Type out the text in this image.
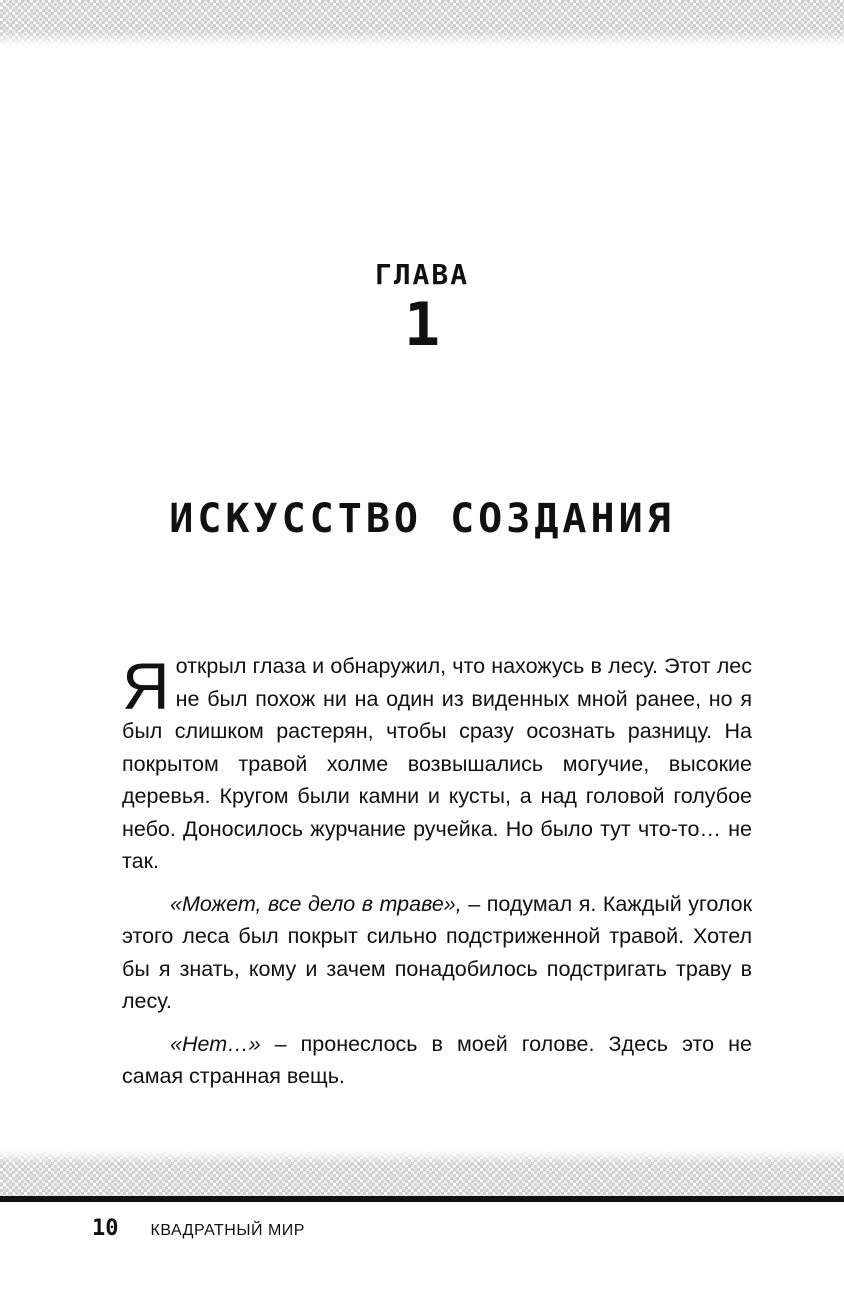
ГЛАВА
1
ИСКУССТВО СОЗДАНИЯ

Яоткрыл глаза и обнаружил, что нахожусь в лесу. Этот лес не был похож ни на один из виденных мной ранее, но я был слишком растерян, чтобы сразу осознать разницу. На покрытом травой холме возвышались могучие, высокие деревья. Кругом были камни и кусты, а над головой голубое небо. Доносилось журчание ручейка. Но было тут что-то… не так.

«Может, все дело в траве», – подумал я. Каждый уголок этого леса был покрыт сильно подстриженной травой. Хотел бы я знать, кому и зачем понадобилось подстригать траву в лесу.

«Нет…» – пронеслось в моей голове. Здесь это не самая странная вещь.

10 КВАДРАТНЫЙ МИР
